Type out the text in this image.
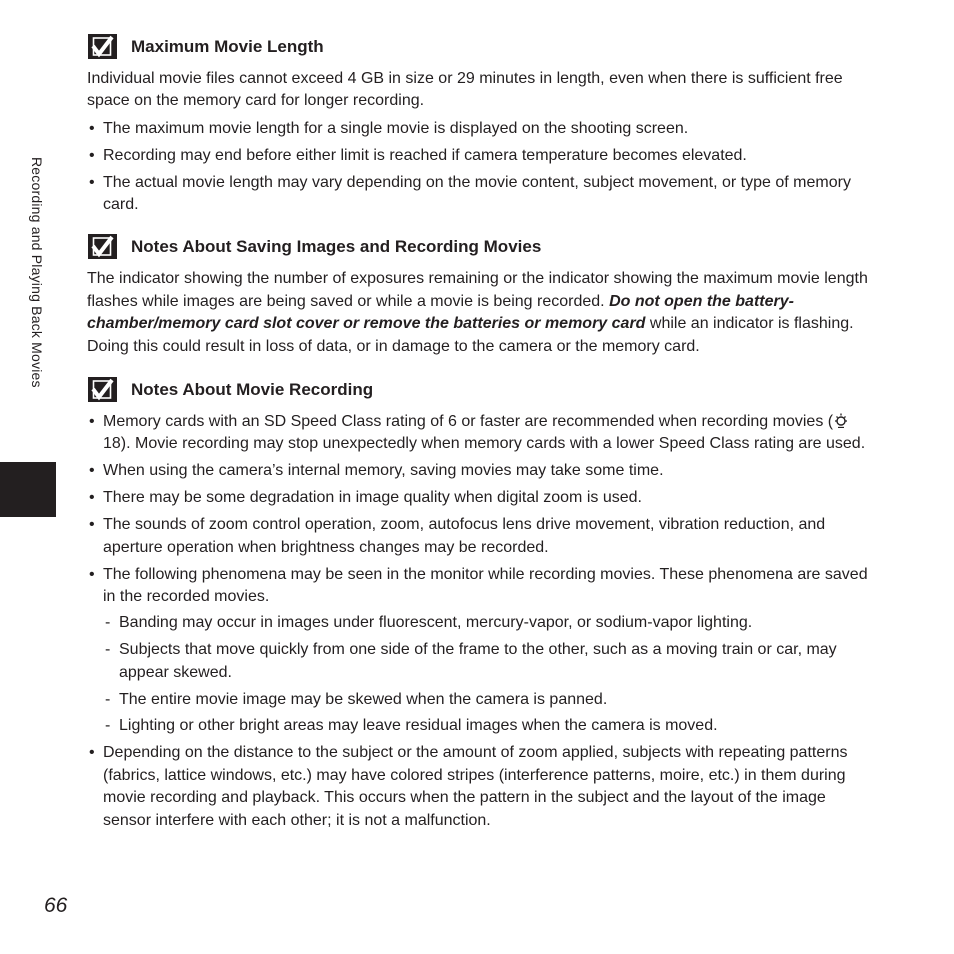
Recording and Playing Back Movies
Maximum Movie Length

Individual movie files cannot exceed 4 GB in size or 29 minutes in length, even when there is sufficient free space on the memory card for longer recording.

• The maximum movie length for a single movie is displayed on the shooting screen.
• Recording may end before either limit is reached if camera temperature becomes elevated.
• The actual movie length may vary depending on the movie content, subject movement, or type of memory card.
Notes About Saving Images and Recording Movies

The indicator showing the number of exposures remaining or the indicator showing the maximum movie length flashes while images are being saved or while a movie is being recorded. Do not open the battery-chamber/memory card slot cover or remove the batteries or memory card while an indicator is flashing. Doing this could result in loss of data, or in damage to the camera or the memory card.

Notes About Movie Recording
• Memory cards with an SD Speed Class rating of 6 or faster are recommended when recording movies (18). Movie recording may stop unexpectedly when memory cards with a lower Speed Class rating are used.
• When using the camera’s internal memory, saving movies may take some time.
• There may be some degradation in image quality when digital zoom is used.
• The sounds of zoom control operation, zoom, autofocus lens drive movement, vibration reduction, and aperture operation when brightness changes may be recorded.
• The following phenomena may be seen in the monitor while recording movies. These phenomena are saved in the recorded movies.
- Banding may occur in images under fluorescent, mercury-vapor, or sodium-vapor lighting.
- Subjects that move quickly from one side of the frame to the other, such as a moving train or car, may appear skewed.
- The entire movie image may be skewed when the camera is panned.
- Lighting or other bright areas may leave residual images when the camera is moved.
• Depending on the distance to the subject or the amount of zoom applied, subjects with repeating patterns (fabrics, lattice windows, etc.) may have colored stripes (interference patterns, moire, etc.) in them during movie recording and playback. This occurs when the pattern in the subject and the layout of the image sensor interfere with each other; it is not a malfunction.
66
